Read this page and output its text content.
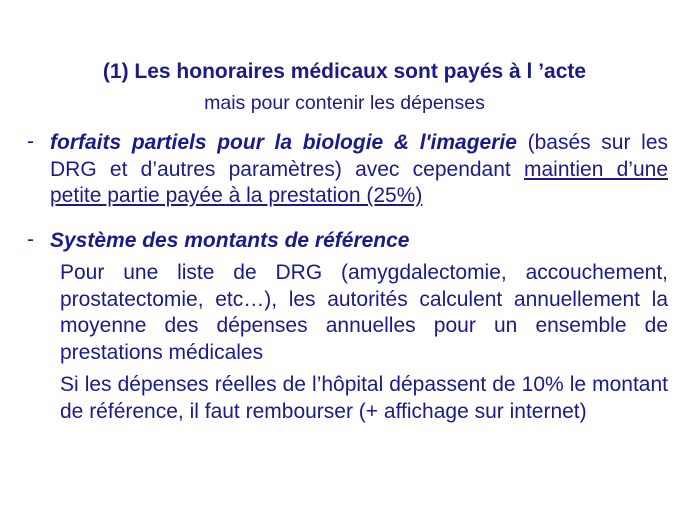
(1) Les honoraires médicaux sont payés à l ’acte
mais pour contenir les dépenses
- forfaits partiels pour la biologie & l'imagerie (basés sur les DRG et d’autres paramètres) avec cependant maintien d’une petite partie payée à la prestation (25%)
- Système des montants de référence
Pour une liste de DRG (amygdalectomie, accouchement, prostatectomie, etc…), les autorités calculent annuellement la moyenne des dépenses annuelles pour un ensemble de prestations médicales
Si les dépenses réelles de l’hôpital dépassent de 10% le montant de référence, il faut rembourser (+ affichage sur internet)
